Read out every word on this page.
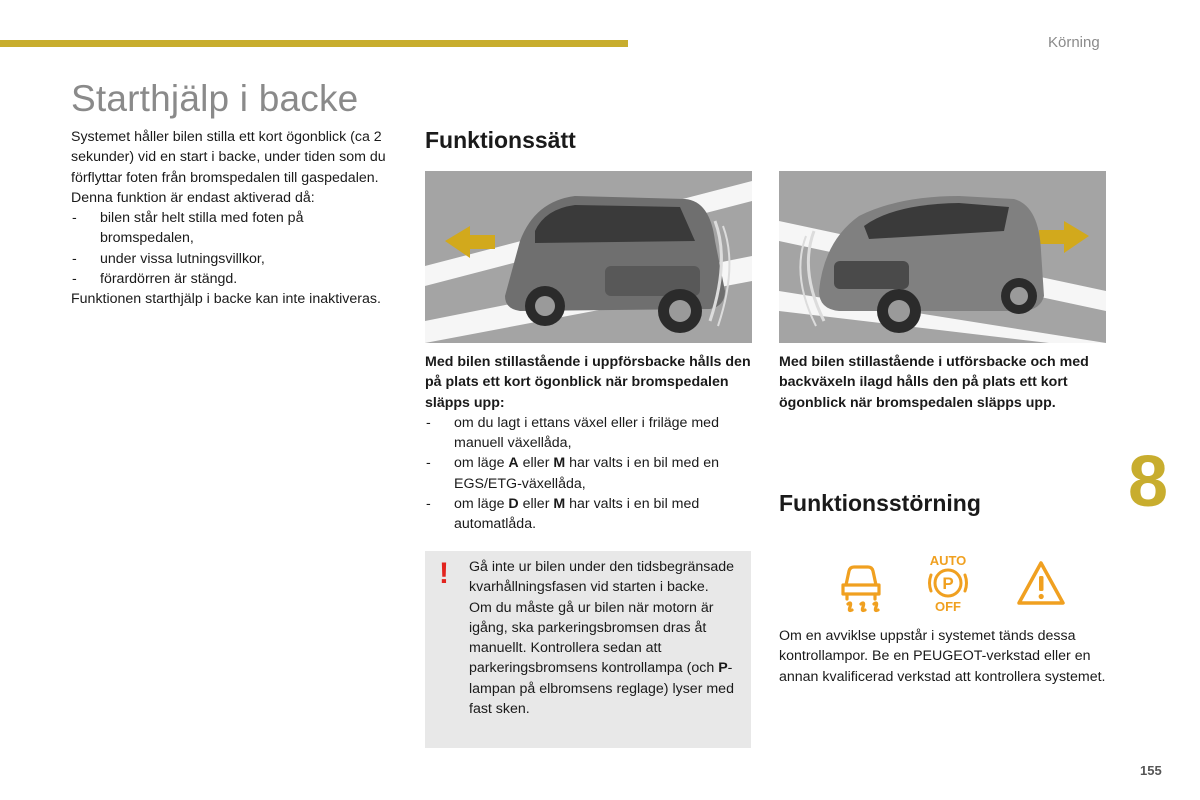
Körning
Starthjälp i backe

Systemet håller bilen stilla ett kort ögonblick (ca 2 sekunder) vid en start i backe, under tiden som du förflyttar foten från bromspedalen till gaspedalen.

Denna funktion är endast aktiverad då:

- bilen står helt stilla med foten på bromspedalen,
- under vissa lutningsvillkor,
- förardörren är stängd.

Funktionen starthjälp i backe kan inte inaktiveras.

Funktionssätt

Med bilen stillastående i uppförsbacke hålls den på plats ett kort ögonblick när bromspedalen släpps upp:

- om du lagt i ettans växel eller i friläge med manuell växellåda,
- om läge A eller M har valts i en bil med en EGS/ETG-växellåda,
- om läge D eller M har valts i en bil med automatlåda.

Med bilen stillastående i utförsbacke och med backväxeln ilagd hålls den på plats ett kort ögonblick när bromspedalen släpps upp.

! Gå inte ur bilen under den tidsbegränsade kvarhållningsfasen vid starten i backe.

Om du måste gå ur bilen när motorn är igång, ska parkeringsbromsen dras åt manuellt. Kontrollera sedan att parkeringsbromsens kontrollampa (och P-lampan på elbromsens reglage) lyser med fast sken.

Funktionsstörning
AUTO
P
OFF

Om en avviklse uppstår i systemet tänds dessa kontrollampor. Be en PEUGEOT-verkstad eller en annan kvalificerad verkstad att kontrollera systemet.

8
155
